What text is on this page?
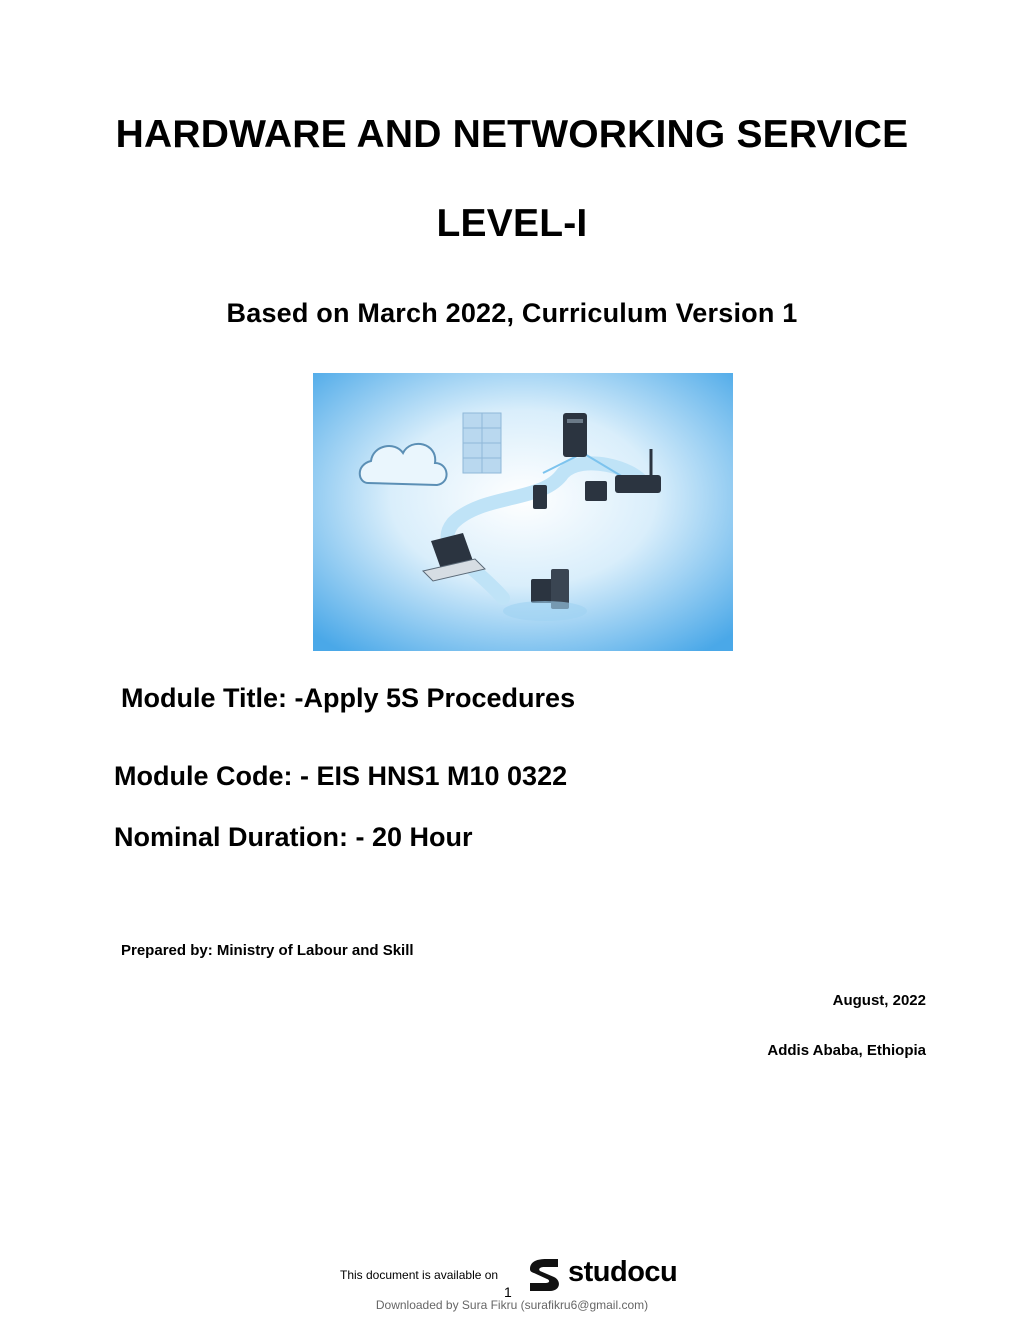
HARDWARE AND NETWORKING SERVICE
LEVEL-I
Based on March 2022, Curriculum Version 1

Module Title: -Apply 5S Procedures

Module Code: - EIS HNS1 M10 0322

Nominal Duration: - 20 Hour

Prepared by: Ministry of Labour and Skill

August, 2022

Addis Ababa, Ethiopia

This document is available on studocu
1
Downloaded by Sura Fikru (surafikru6@gmail.com)
